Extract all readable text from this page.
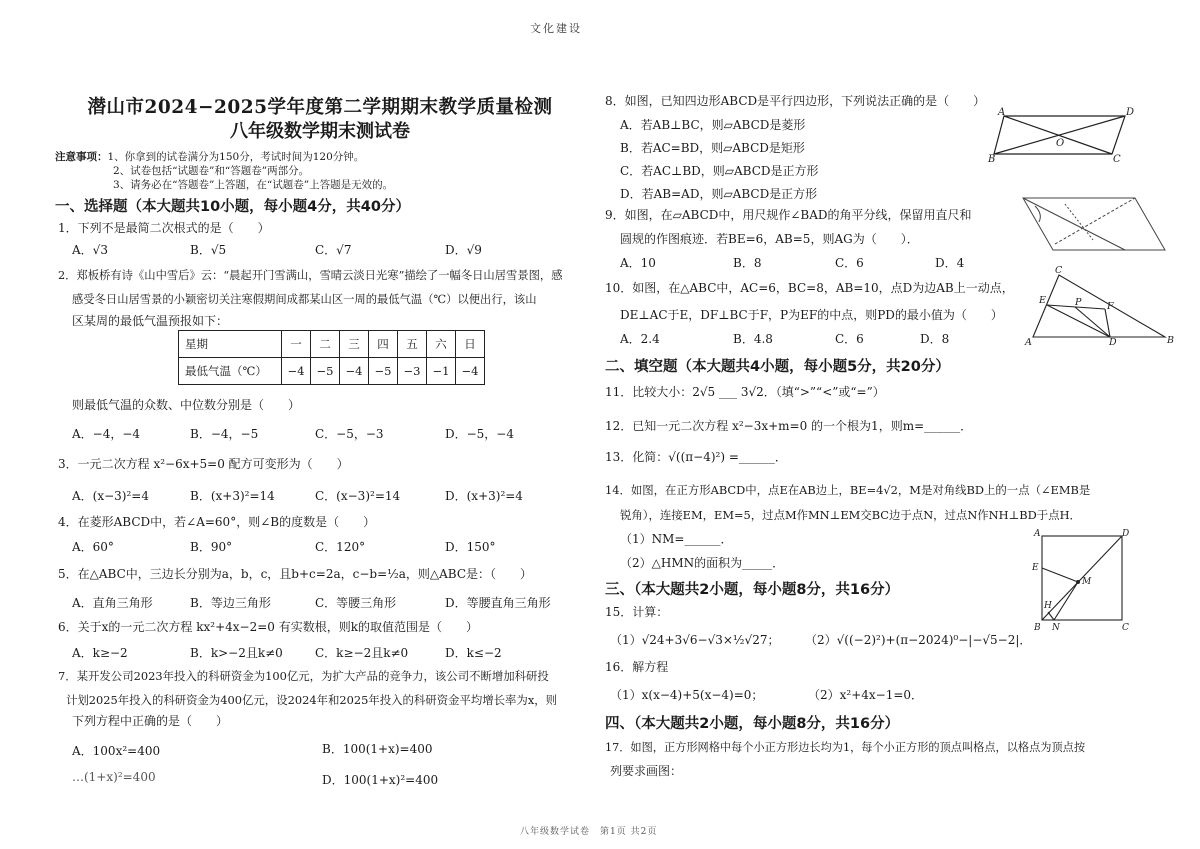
文化建设
潜山市2024−2025学年度第二学期期末教学质量检测
八年级数学期末测试卷
注意事项：1、你拿到的试卷满分为150分，考试时间为120分钟。
2、试卷包括“试题卷”和“答题卷”两部分。
3、请务必在“答题卷”上答题，在“试题卷”上答题是无效的。
一、选择题（本大题共10小题，每小题4分，共40分）
1．下列不是最简二次根式的是（　　）
A．√3	B．√5	C．√7	D．√9
2．郑板桥有诗《山中雪后》云：“晨起开门雪满山，雪晴云淡日光寒”描绘了一幅冬日山居雪景图，感
感受冬日山居雪景的小颖密切关注寒假期间成都某山区一周的最低气温（℃）以便出行，该山
区某周的最低气温预报如下：
星期	一	二	三	四	五	六	日
最低气温（℃）	−4	−5	−4	−5	−3	−1	−4
则最低气温的众数、中位数分别是（　　）
A．−4，−4	B．−4，−5	C．−5，−3	D．−5，−4
3．一元二次方程 x²−6x+5=0 配方可变形为（　　）
A．(x−3)²=4	B．(x+3)²=14	C．(x−3)²=14	D．(x+3)²=4
4．在菱形ABCD中，若∠A=60°，则∠B的度数是（　　）
A．60°	B．90°	C．120°	D．150°
5．在△ABC中，三边长分别为a，b，c，且b+c=2a，c−b=½a，则△ABC是：（　　）
A．直角三角形	B．等边三角形	C．等腰三角形	D．等腰直角三角形
6．关于x的一元二次方程 kx²+4x−2=0 有实数根，则k的取值范围是（　　）
A．k≥−2	B．k>−2且k≠0	C．k≥−2且k≠0	D．k≤−2
7．某开发公司2023年投入的科研资金为100亿元，为扩大产品的竞争力，该公司不断增加科研投
计划2025年投入的科研资金为400亿元，设2024年和2025年投入的科研资金平均增长率为x，则
下列方程中正确的是（　　）
A．100x²=400	B．100(1+x)=400
…(1+x)²=400	D．100(1+x)²=400
8．如图，已知四边形ABCD是平行四边形，下列说法正确的是（　　）
A．若AB⊥BC，则▱ABCD是菱形
B．若AC=BD，则▱ABCD是矩形
C．若AC⊥BD，则▱ABCD是正方形
D．若AB=AD，则▱ABCD是正方形
A	D
B	C
O
9．如图，在▱ABCD中，用尺规作∠BAD的角平分线，保留用直尺和
圆规的作图痕迹．若BE=6，AB=5，则AG为（　　）．
A．10	B．8	C．6	D．4
10．如图，在△ABC中，AC=6，BC=8，AB=10，点D为边AB上一动点，
DE⊥AC于E，DF⊥BC于F，P为EF的中点，则PD的最小值为（　　）
A．2.4	B．4.8	C．6	D．8
C
A	B
D
E
F
P
二、填空题（本大题共4小题，每小题5分，共20分）
11．比较大小：2√5 ___ 3√2．（填“>”“<”或“=”）
12．已知一元二次方程 x²−3x+m=0 的一个根为1，则m=______．
13．化简：√((π−4)²) =______．
14．如图，在正方形ABCD中，点E在AB边上，BE=4√2，M是对角线BD上的一点（∠EMB是
锐角），连接EM，EM=5，过点M作MN⊥EM交BC边于点N，过点N作NH⊥BD于点H．
（1）NM=______．
（2）△HMN的面积为_____．
A	D
E
M
H
B N	C
三、（本大题共2小题，每小题8分，共16分）
15．计算：
（1）√24+3√6−√3×½√27； （2）√((−2)²)+(π−2024)⁰−|−√5−2|．
16．解方程
（1）x(x−4)+5(x−4)=0；	（2）x²+4x−1=0．
四、（本大题共2小题，每小题8分，共16分）
17．如图，正方形网格中每个小正方形边长均为1，每个小正方形的顶点叫格点，以格点为顶点按
列要求画图：
八年级数学试卷　第1页 共2页
